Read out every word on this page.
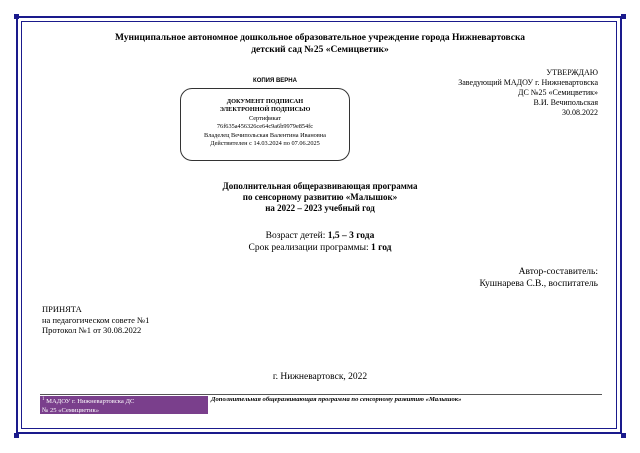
Муниципальное автономное дошкольное образовательное учреждение города Нижневартовска
детский сад №25 «Семицветик»
КОПИЯ ВЕРНА
ДОКУМЕНТ ПОДПИСАН
ЭЛЕКТРОННОЙ ПОДПИСЬЮ
Сертификат
76f635a456326ce64c9a6b9979e854fc
Владелец Вечипольская Валентина Ивановна
Действителен с 14.03.2024 по 07.06.2025
УТВЕРЖДАЮ
Заведующий МАДОУ г. Нижневартовска
ДС №25 «Семицветик»
В.И. Вечипольская
30.08.2022
Дополнительная общеразвивающая программа
по сенсорному развитию «Малышок»
на 2022 – 2023 учебный год
Возраст детей: 1,5 – 3 года
Срок реализации программы: 1 год
Автор-составитель:
Кушнарева С.В., воспитатель
ПРИНЯТА
на педагогическом совете №1
Протокол №1 от 30.08.2022
г. Нижневартовск, 2022
$^1$ МАДОУ г. Нижневартовска ДС
№ 25 «Семицветик»
Дополнительная общеразвивающая программа по сенсорному развитию «Малышок»
